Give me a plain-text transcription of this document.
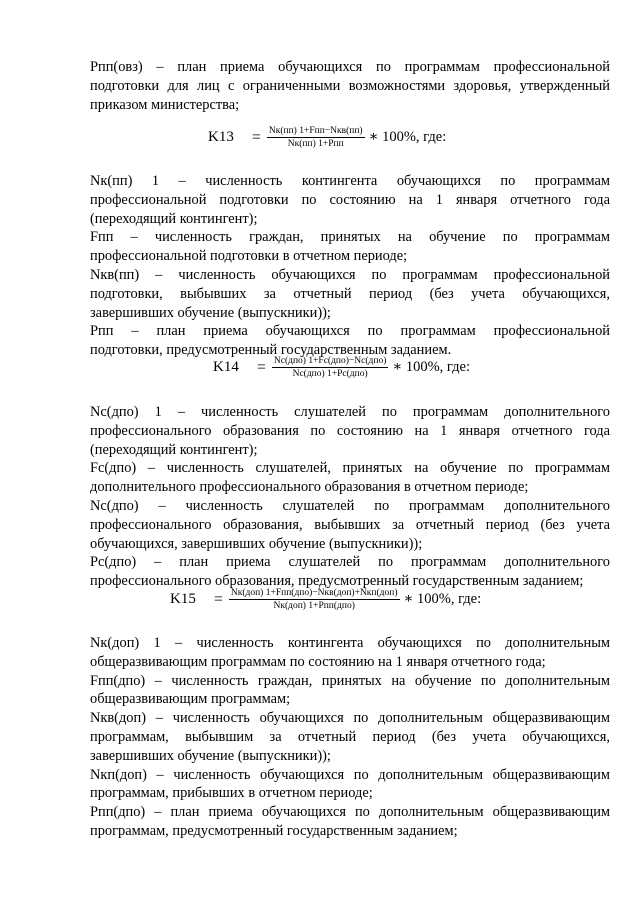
Рпп(овз) – план приема обучающихся по программам профессиональной

подготовки для лиц с ограниченными возможностями здоровья, утвержденный

приказом министерства;

$K13 = \frac{\text{Nк(пп) 1+Fпп−Nкв(пп)}}{\text{Nк(пп) 1+Рпп}}$ ∗ 100%, где:

Nк(пп) 1 – численность контингента обучающихся по программам

профессиональной подготовки по состоянию на 1 января отчетного года

(переходящий контингент);

Fпп – численность граждан, принятых на обучение по программам

профессиональной подготовки в отчетном периоде;

Nкв(пп) – численность обучающихся по программам профессиональной

подготовки, выбывших за отчетный период (без учета обучающихся,

завершивших обучение (выпускники));

Рпп – план приема обучающихся по программам профессиональной

подготовки, предусмотренный государственным заданием.

$K14 = \frac{\text{Nс(дпо) 1+Fс(дпо)−Nс(дпо)}}{\text{Nс(дпо) 1+Рс(дпо)}}$ ∗ 100%, где:

Nс(дпо) 1 – численность слушателей по программам дополнительного

профессионального образования по состоянию на 1 января отчетного года

(переходящий контингент);

Fс(дпо) – численность слушателей, принятых на обучение по программам

дополнительного профессионального образования в отчетном периоде;

Nс(дпо) – численность слушателей по программам дополнительного

профессионального образования, выбывших за отчетный период (без учета

обучающихся, завершивших обучение (выпускники));

Рс(дпо) – план приема слушателей по программам дополнительного

профессионального образования, предусмотренный государственным заданием;

$K15 = \frac{\text{Nк(доп) 1+Fпп(дпо)−Nкв(доп)+Nкп(доп)}}{\text{Nк(доп) 1+Рпп(дпо)}}$ ∗ 100%, где:

Nк(доп) 1 – численность контингента обучающихся по дополнительным

общеразвивающим программам по состоянию на 1 января отчетного года;

Fпп(дпо) – численность граждан, принятых на обучение по дополнительным

общеразвивающим программам;

Nкв(доп) – численность обучающихся по дополнительным общеразвивающим

программам, выбывшим за отчетный период (без учета обучающихся,

завершивших обучение (выпускники));

Nкп(доп) – численность обучающихся по дополнительным общеразвивающим

программам, прибывших в отчетном периоде;

Рпп(дпо) – план приема обучающихся по дополнительным общеразвивающим

программам, предусмотренный государственным заданием;
